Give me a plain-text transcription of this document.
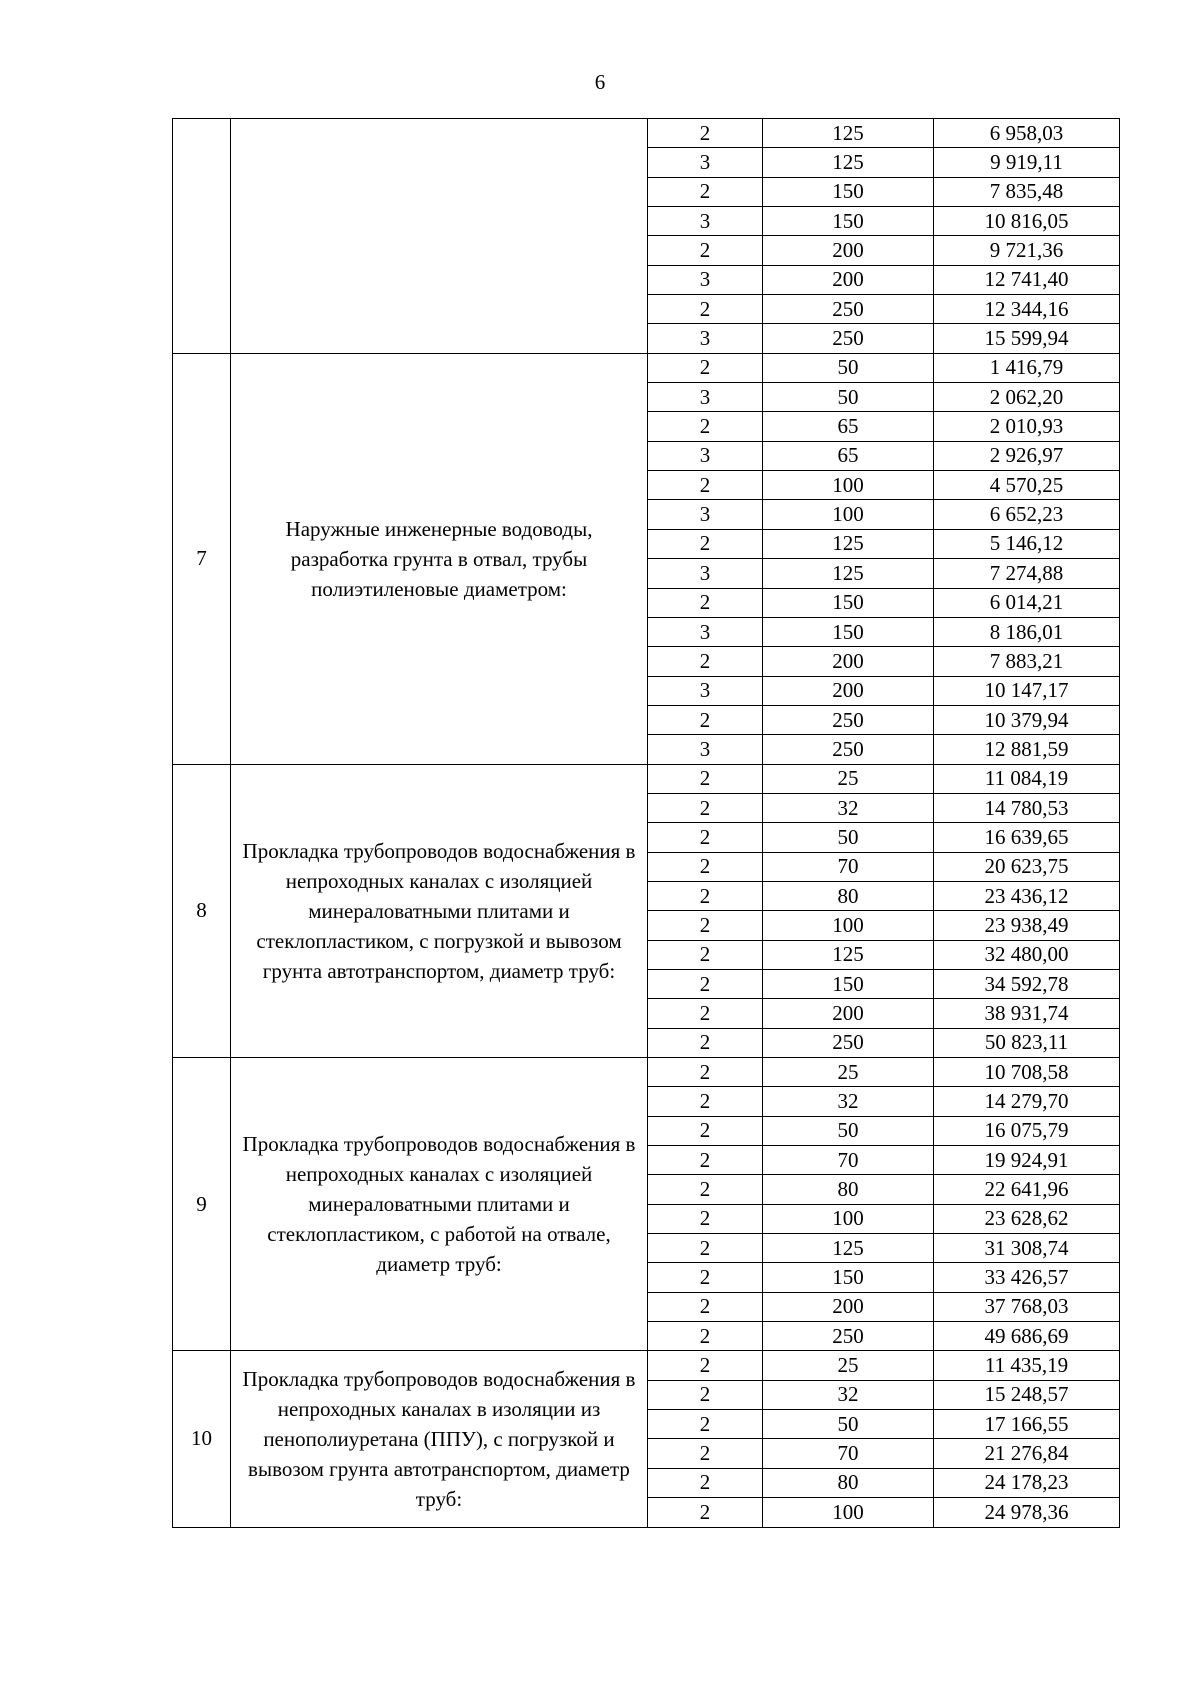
6
		2	125	6 958,03
		3	125	9 919,11
		2	150	7 835,48
		3	150	10 816,05
		2	200	9 721,36
		3	200	12 741,40
		2	250	12 344,16
		3	250	15 599,94
7	Наружные инженерные водоводы, разработка грунта в отвал, трубы полиэтиленовые диаметром:	2	50	1 416,79
		3	50	2 062,20
		2	65	2 010,93
		3	65	2 926,97
		2	100	4 570,25
		3	100	6 652,23
		2	125	5 146,12
		3	125	7 274,88
		2	150	6 014,21
		3	150	8 186,01
		2	200	7 883,21
		3	200	10 147,17
		2	250	10 379,94
		3	250	12 881,59
8	Прокладка трубопроводов водоснабжения в непроходных каналах с изоляцией минераловатными плитами и стеклопластиком, с погрузкой и вывозом грунта автотранспортом, диаметр труб:	2	25	11 084,19
		2	32	14 780,53
		2	50	16 639,65
		2	70	20 623,75
		2	80	23 436,12
		2	100	23 938,49
		2	125	32 480,00
		2	150	34 592,78
		2	200	38 931,74
		2	250	50 823,11
9	Прокладка трубопроводов водоснабжения в непроходных каналах с изоляцией минераловатными плитами и стеклопластиком, с работой на отвале, диаметр труб:	2	25	10 708,58
		2	32	14 279,70
		2	50	16 075,79
		2	70	19 924,91
		2	80	22 641,96
		2	100	23 628,62
		2	125	31 308,74
		2	150	33 426,57
		2	200	37 768,03
		2	250	49 686,69
10	Прокладка трубопроводов водоснабжения в непроходных каналах в изоляции из пенополиуретана (ППУ), с погрузкой и вывозом грунта автотранспортом, диаметр труб:	2	25	11 435,19
		2	32	15 248,57
		2	50	17 166,55
		2	70	21 276,84
		2	80	24 178,23
		2	100	24 978,36
